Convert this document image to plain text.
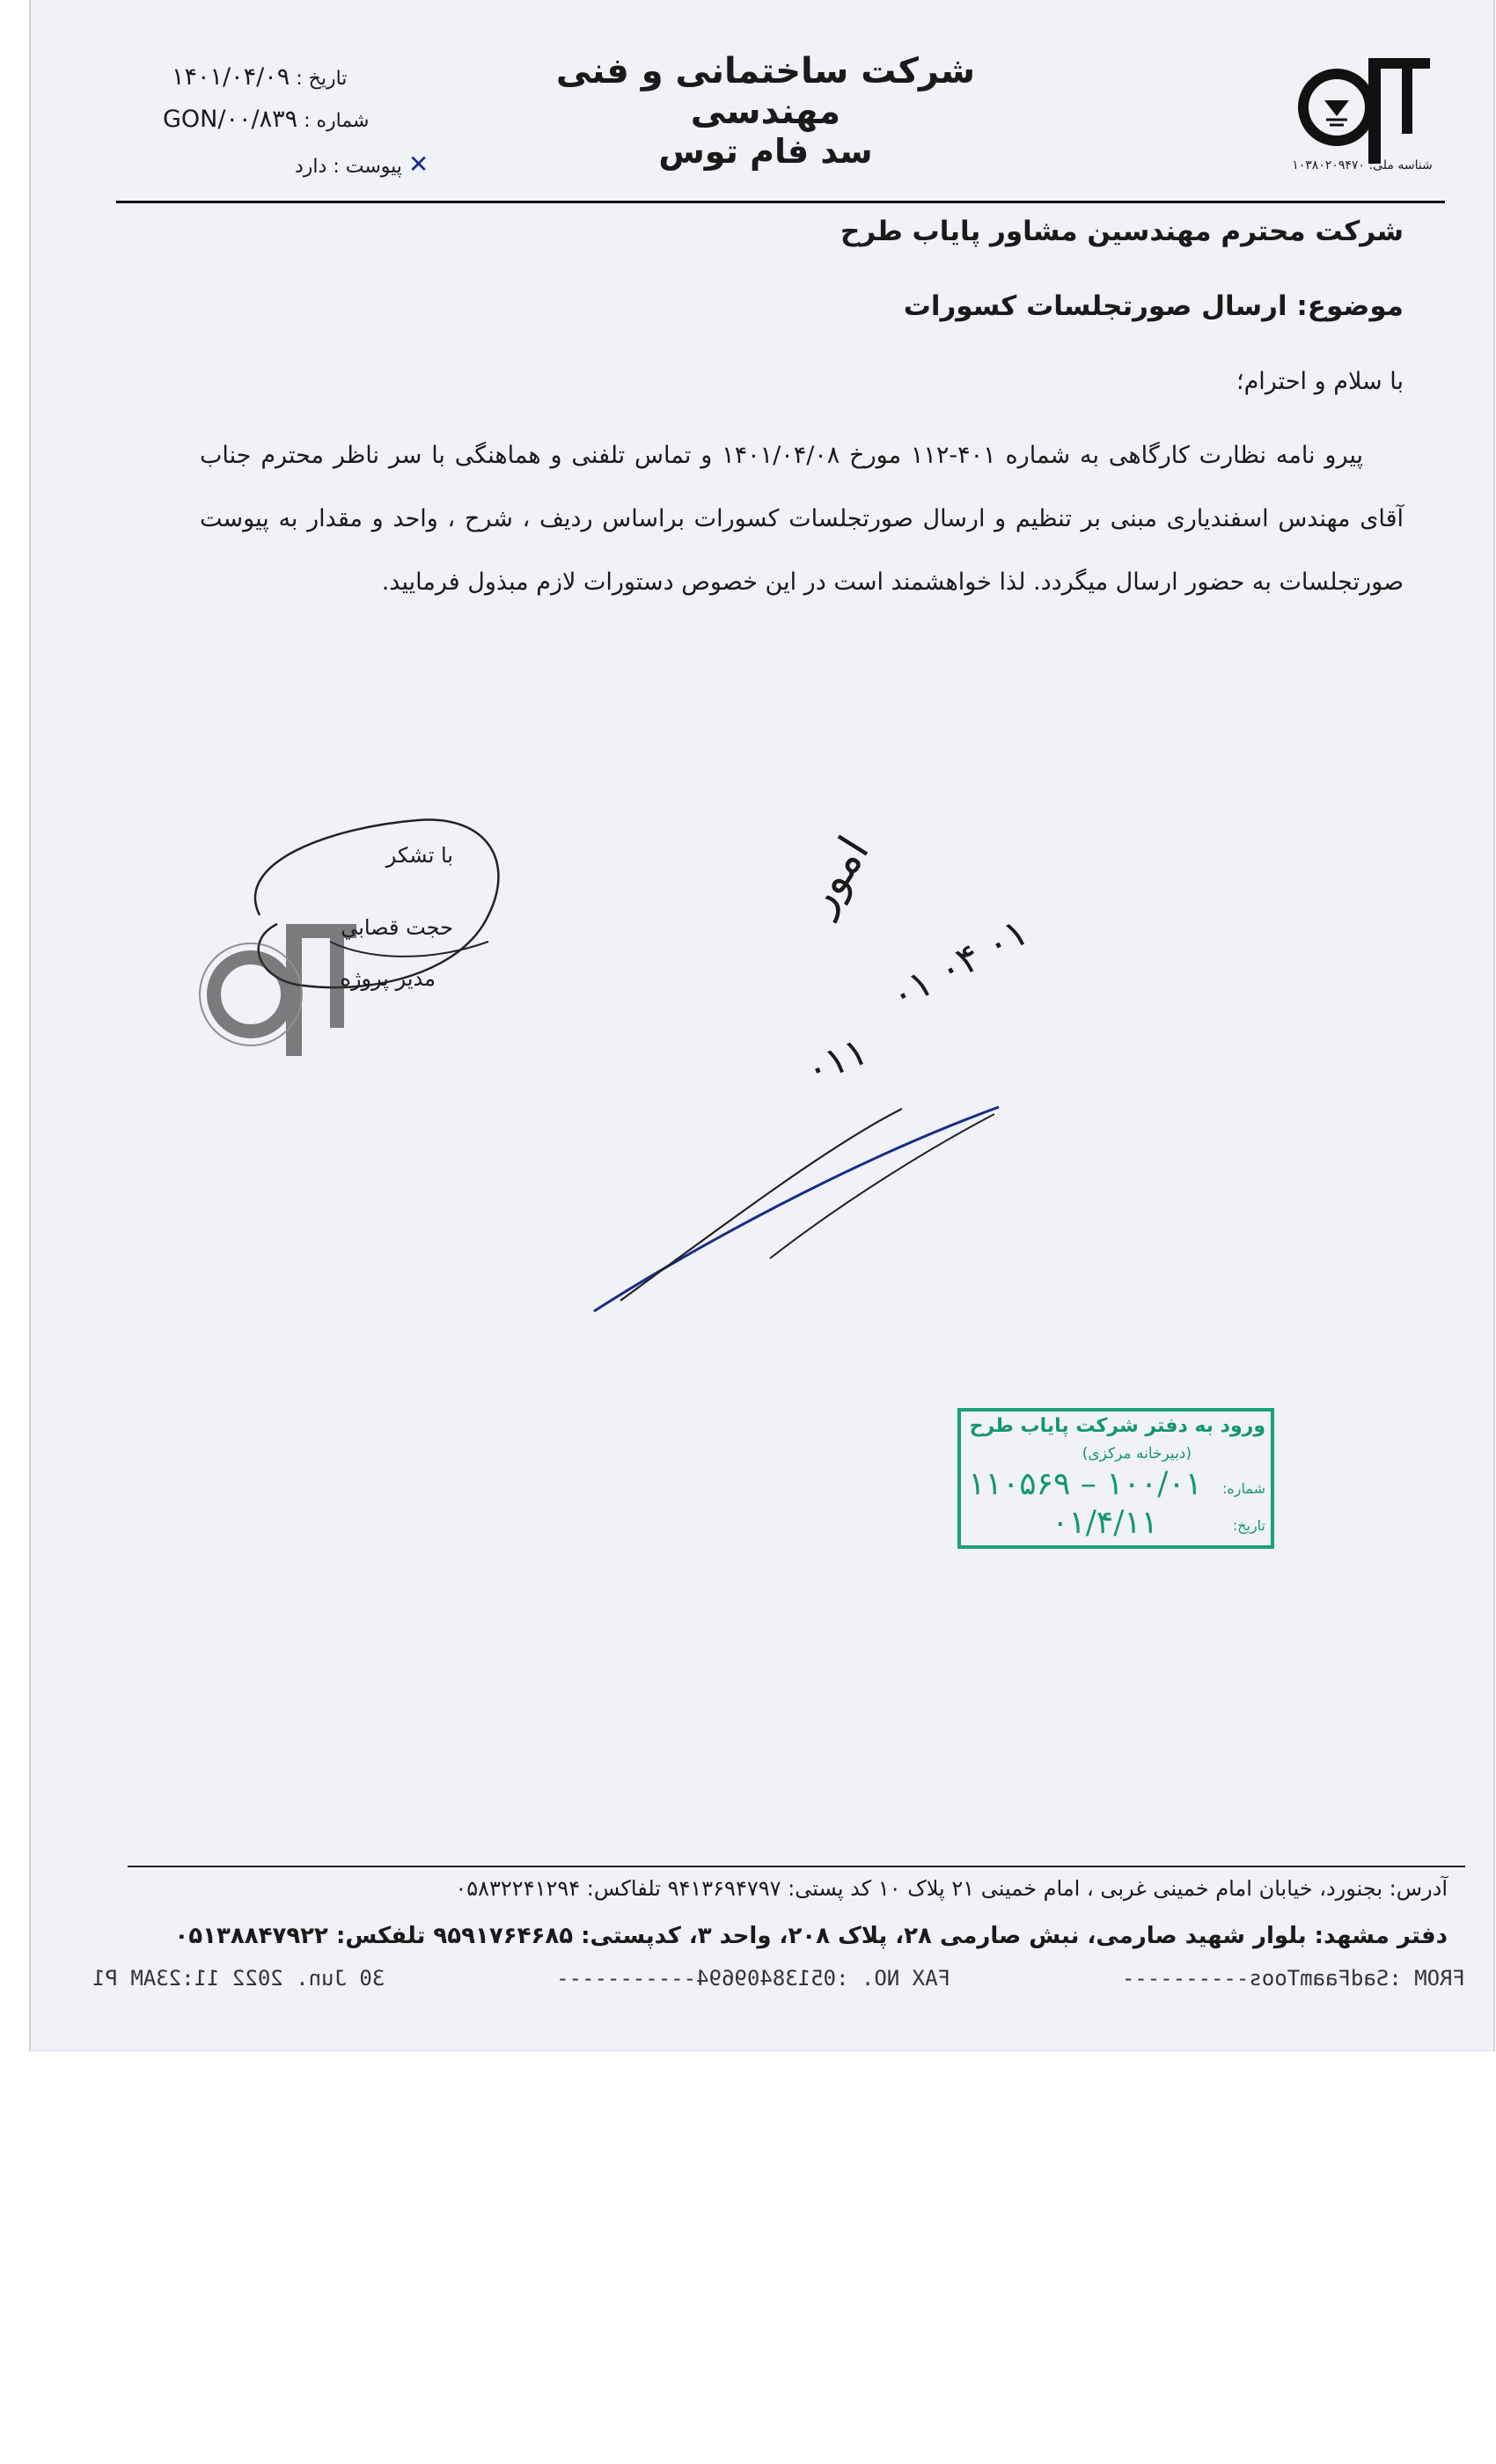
شناسه ملی: ۱۰۳۸۰۲۰۹۴۷۰
شرکت ساختمانی و فنی مهندسی
سد فام توس
تاریخ : ۱۴۰۱/۰۴/۰۹
شماره : GON/۰۰/۸۳۹
✕ پیوست : دارد
شرکت محترم مهندسین مشاور پایاب طرح
موضوع: ارسال صورتجلسات کسورات
با سلام و احترام؛
پیرو نامه نظارت کارگاهی به شماره ۴۰۱-۱۱۲ مورخ ۱۴۰۱/۰۴/۰۸ و تماس تلفنی و هماهنگی با سر ناظر محترم جناب آقای مهندس اسفندیاری مبنی بر تنظیم و ارسال صورتجلسات کسورات براساس ردیف ، شرح ، واحد و مقدار به پیوست صورتجلسات به حضور ارسال میگردد. لذا خواهشمند است در این خصوص دستورات لازم مبذول فرمایید.
با تشکر
حجت قصابي
مدیر پروژه
امور
۰۱ ۰۴ ۰۱
۰۱۱
ورود به دفتر شرکت پایاب طرح
(دبیرخانه مرکزی)
شماره:
۱۰۰/۰۱ – ۱۱۰۵۶۹
تاریخ:
۰۱/۴/۱۱
آدرس: بجنورد، خیابان امام خمینی غربی ، امام خمینی ۲۱ پلاک ۱۰ کد پستی: ۹۴۱۳۶۹۴۷۹۷ تلفاکس: ۰۵۸۳۲۲۴۱۲۹۴
دفتر مشهد: بلوار شهید صارمی، نبش صارمی ۲۸، پلاک ۲۰۸، واحد ۳، کدپستی: ۹۵۹۱۷۶۴۶۸۵ تلفکس: ۰۵۱۳۸۸۴۷۹۲۲
FROM :SadFaamToos----------
FAX NO. :05138409694-----------
30 Jun. 2022 11:23AM P1
